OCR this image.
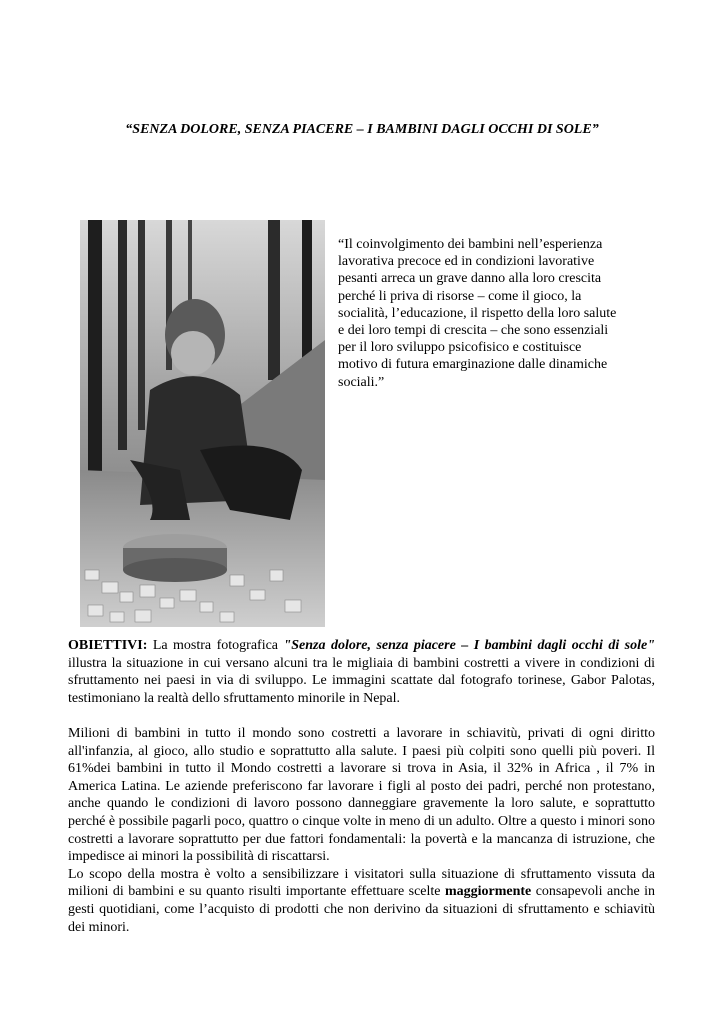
“SENZA DOLORE, SENZA PIACERE – I BAMBINI DAGLI OCCHI DI SOLE”

“Il coinvolgimento dei bambini nell’esperienza lavorativa precoce ed in condizioni lavorative pesanti arreca un grave danno alla loro crescita perché li priva di risorse – come il gioco, la socialità, l’educazione, il rispetto della loro salute e dei loro tempi di crescita – che sono essenziali per il loro sviluppo psicofisico e costituisce motivo di futura emarginazione dalle dinamiche sociali.”

OBIETTIVI: La mostra fotografica "Senza dolore, senza piacere – I bambini dagli occhi di sole" illustra la situazione in cui versano alcuni tra le migliaia di bambini costretti a vivere in condizioni di sfruttamento nei paesi in via di sviluppo. Le immagini scattate dal fotografo torinese, Gabor Palotas, testimoniano la realtà dello sfruttamento minorile in Nepal.

Milioni di bambini in tutto il mondo sono costretti a lavorare in schiavitù, privati di ogni diritto all'infanzia, al gioco, allo studio e soprattutto alla salute. I paesi più colpiti sono quelli più poveri. Il 61%dei bambini in tutto il Mondo costretti a lavorare si trova in Asia, il 32% in Africa , il 7% in America Latina. Le aziende preferiscono far lavorare i figli al posto dei padri, perché non protestano, anche quando le condizioni di lavoro possono danneggiare gravemente la loro salute, e soprattutto perché è possibile pagarli poco, quattro o cinque volte in meno di un adulto. Oltre a questo i minori sono costretti a lavorare soprattutto per due fattori fondamentali: la povertà e la mancanza di istruzione, che impedisce ai minori la possibilità di riscattarsi.

Lo scopo della mostra è volto a sensibilizzare i visitatori sulla situazione di sfruttamento vissuta da milioni di bambini e su quanto risulti importante effettuare scelte maggiormente consapevoli anche in gesti quotidiani, come l’acquisto di prodotti che non derivino da situazioni di sfruttamento e schiavitù dei minori.
